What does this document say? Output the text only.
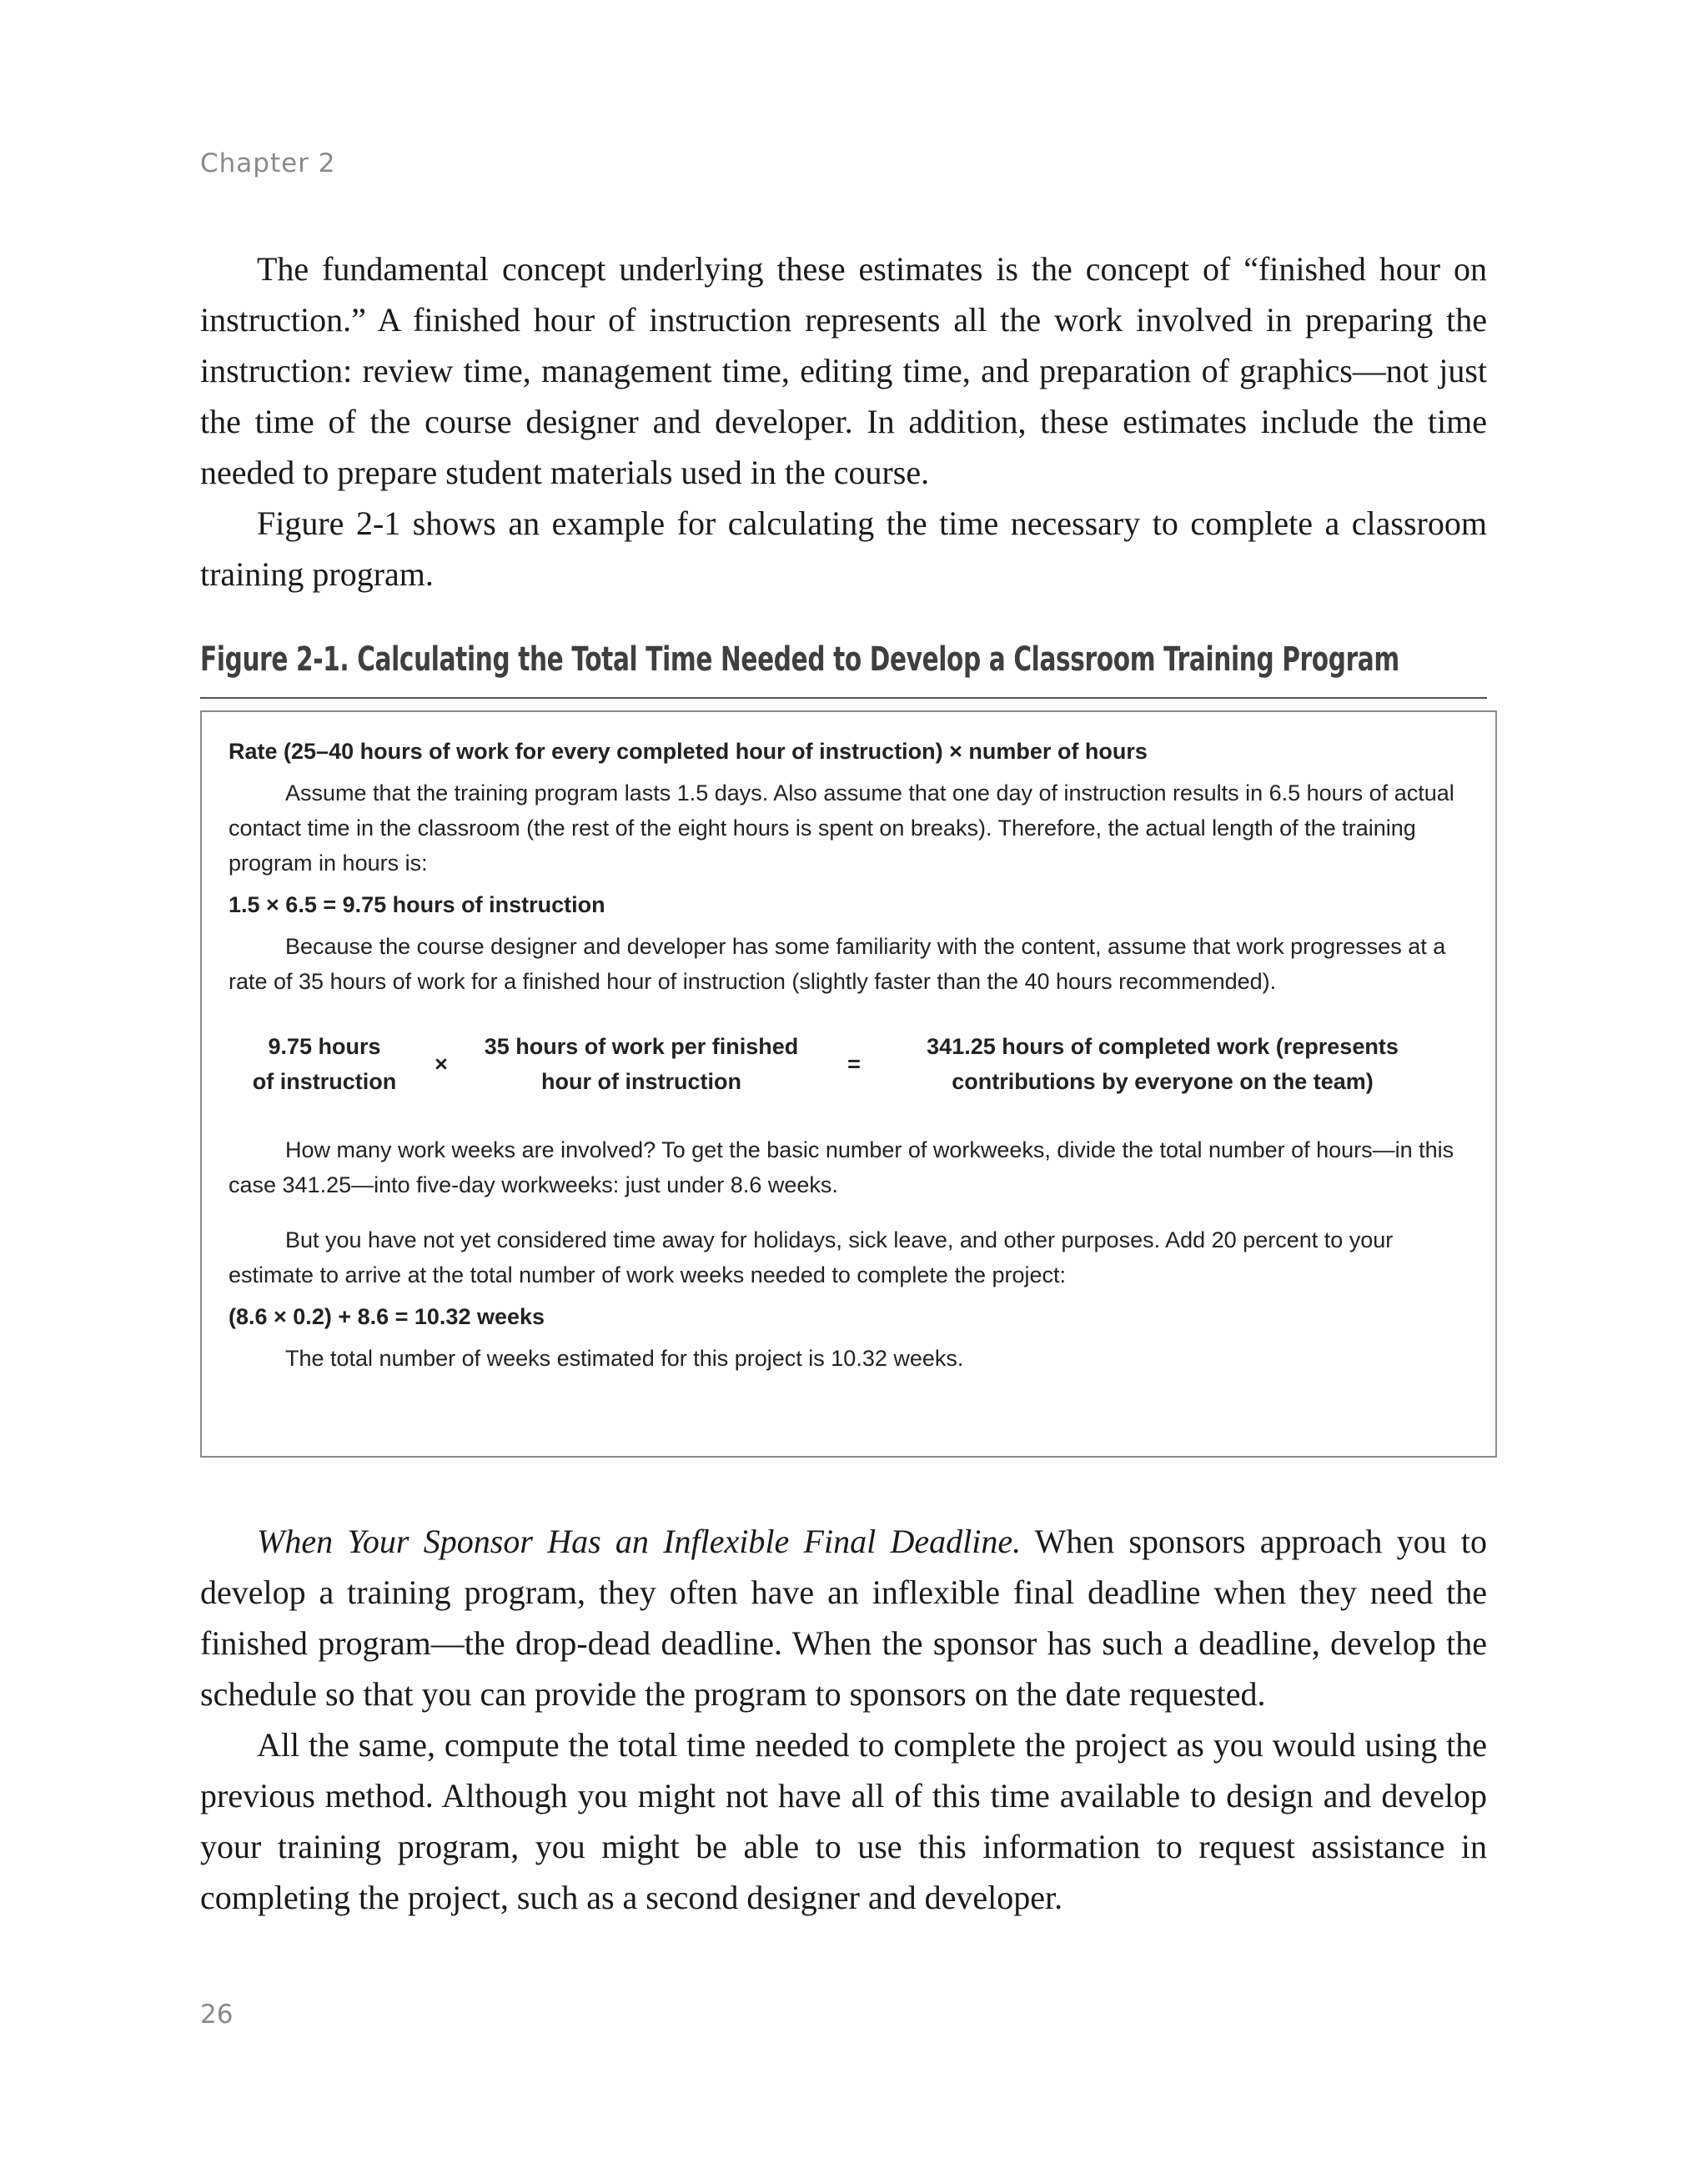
Chapter 2

The fundamental concept underlying these estimates is the concept of “finished hour on instruction.” A finished hour of instruction represents all the work involved in preparing the instruction: review time, management time, editing time, and preparation of graphics—not just the time of the course designer and developer. In addition, these estimates include the time needed to prepare student materials used in the course.

Figure 2-1 shows an example for calculating the time necessary to complete a classroom training program.

Figure 2-1. Calculating the Total Time Needed to Develop a Classroom Training Program

Rate (25–40 hours of work for every completed hour of instruction) × number of hours

Assume that the training program lasts 1.5 days. Also assume that one day of instruction results in 6.5 hours of actual contact time in the classroom (the rest of the eight hours is spent on breaks). Therefore, the actual length of the training program in hours is:

1.5 × 6.5 = 9.75 hours of instruction

Because the course designer and developer has some familiarity with the content, assume that work progresses at a rate of 35 hours of work for a finished hour of instruction (slightly faster than the 40 hours recommended).

9.75 hours
of instruction
×
35 hours of work per finished
hour of instruction
=
341.25 hours of completed work (represents
contributions by everyone on the team)

How many work weeks are involved? To get the basic number of workweeks, divide the total number of hours—in this case 341.25—into five-day workweeks: just under 8.6 weeks.

But you have not yet considered time away for holidays, sick leave, and other purposes. Add 20 percent to your estimate to arrive at the total number of work weeks needed to complete the project:

(8.6 × 0.2) + 8.6 = 10.32 weeks

The total number of weeks estimated for this project is 10.32 weeks.

When Your Sponsor Has an Inflexible Final Deadline. When sponsors approach you to develop a training program, they often have an inflexible final deadline when they need the finished program—the drop-dead deadline. When the sponsor has such a deadline, develop the schedule so that you can provide the program to sponsors on the date requested.

All the same, compute the total time needed to complete the project as you would using the previous method. Although you might not have all of this time available to design and develop your training program, you might be able to use this information to request assistance in completing the project, such as a second designer and developer.

26
